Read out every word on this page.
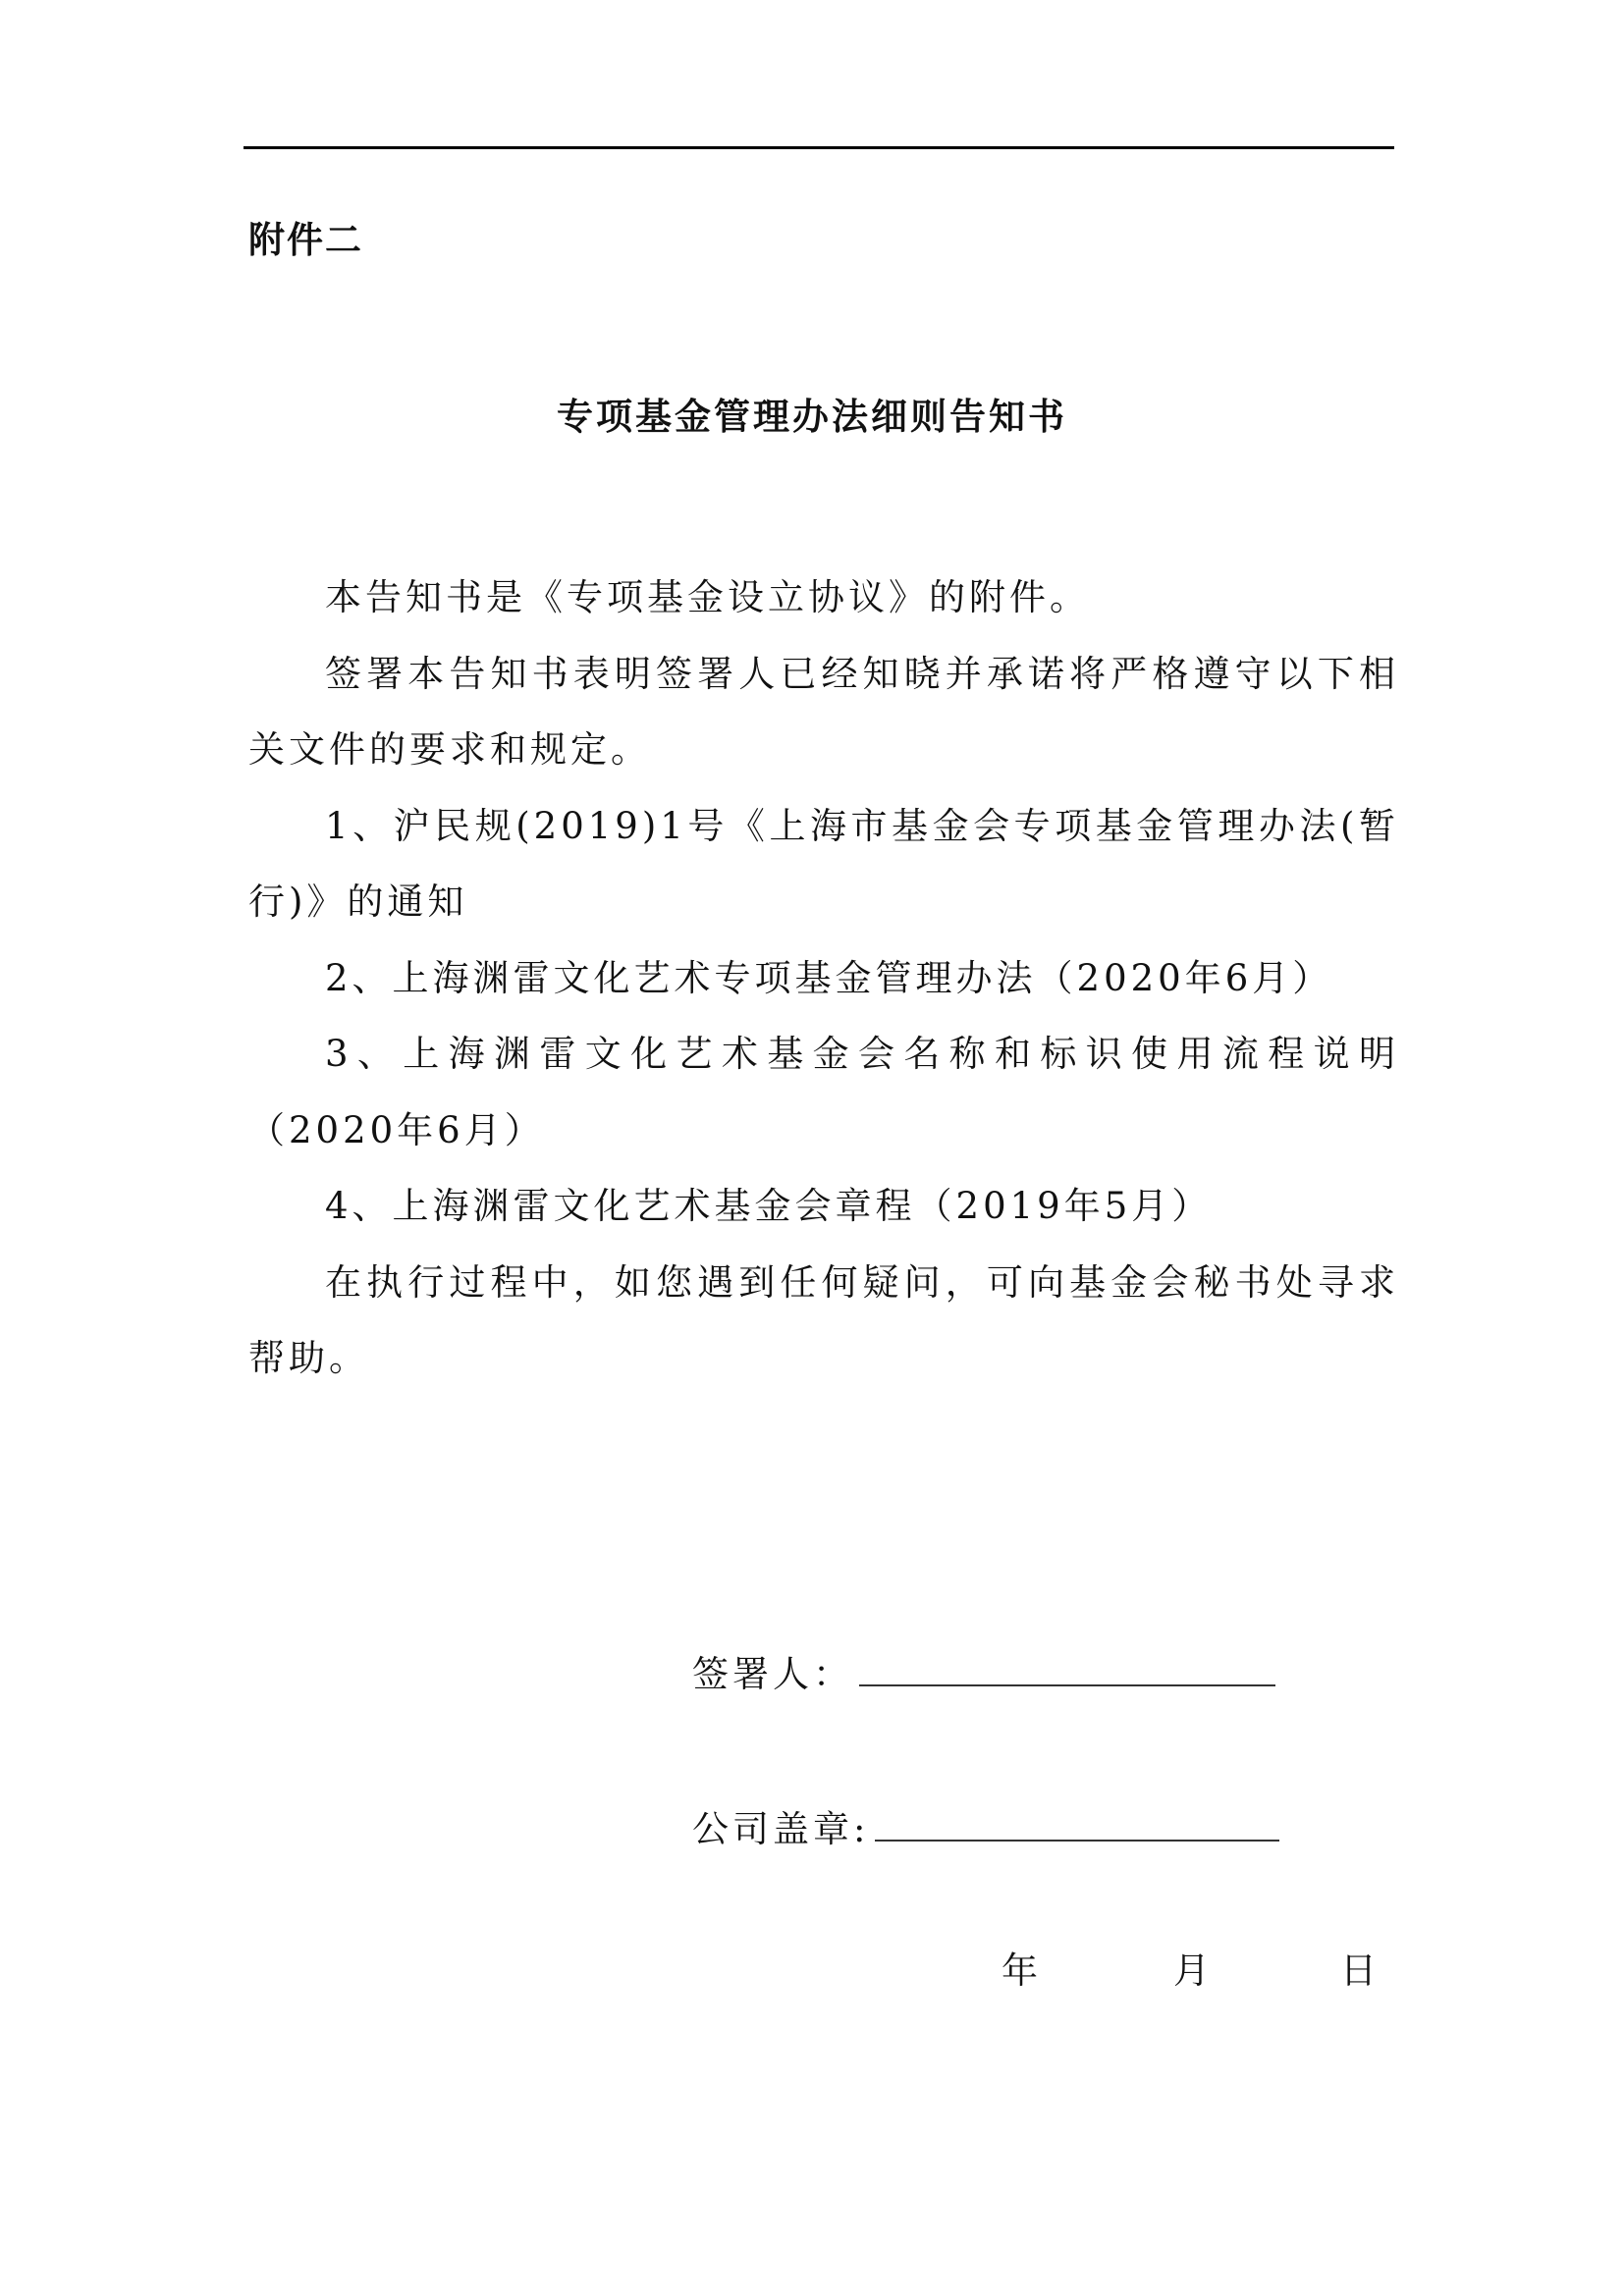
附件二
专项基金管理办法细则告知书

本告知书是《专项基金设立协议》的附件。

签署本告知书表明签署人已经知晓并承诺将严格遵守以下相关文件的要求和规定。

1、沪民规(2019)1号《上海市基金会专项基金管理办法(暂行)》的通知

2、上海渊雷文化艺术专项基金管理办法（2020年6月）

3、上海渊雷文化艺术基金会名称和标识使用流程说明（2020年6月）

4、上海渊雷文化艺术基金会章程（2019年5月）

在执行过程中，如您遇到任何疑问，可向基金会秘书处寻求帮助。

签署人：
公司盖章:
年	月	日
